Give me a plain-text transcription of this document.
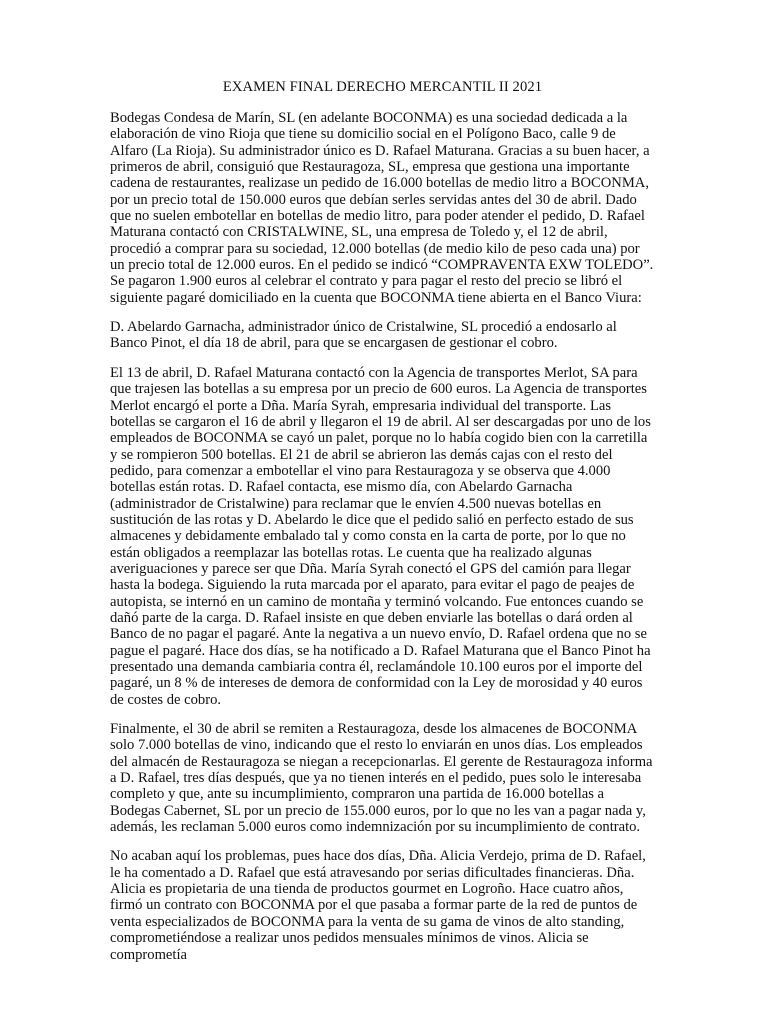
EXAMEN FINAL DERECHO MERCANTIL II 2021

Bodegas Condesa de Marín, SL (en adelante BOCONMA) es una sociedad dedicada a la elaboración de vino Rioja que tiene su domicilio social en el Polígono Baco, calle 9 de Alfaro (La Rioja). Su administrador único es D. Rafael Maturana. Gracias a su buen hacer, a primeros de abril, consiguió que Restauragoza, SL, empresa que gestiona una importante cadena de restaurantes, realizase un pedido de 16.000 botellas de medio litro a BOCONMA, por un precio total de 150.000 euros que debían serles servidas antes del 30 de abril. Dado que no suelen embotellar en botellas de medio litro, para poder atender el pedido, D. Rafael Maturana contactó con CRISTALWINE, SL, una empresa de Toledo y, el 12 de abril, procedió a comprar para su sociedad, 12.000 botellas (de medio kilo de peso cada una) por un precio total de 12.000 euros. En el pedido se indicó “COMPRAVENTA EXW TOLEDO”. Se pagaron 1.900 euros al celebrar el contrato y para pagar el resto del precio se libró el siguiente pagaré domiciliado en la cuenta que BOCONMA tiene abierta en el Banco Viura:

D. Abelardo Garnacha, administrador único de Cristalwine, SL procedió a endosarlo al Banco Pinot, el día 18 de abril, para que se encargasen de gestionar el cobro.

El 13 de abril, D. Rafael Maturana contactó con la Agencia de transportes Merlot, SA para que trajesen las botellas a su empresa por un precio de 600 euros. La Agencia de transportes Merlot encargó el porte a Dña. María Syrah, empresaria individual del transporte. Las botellas se cargaron el 16 de abril y llegaron el 19 de abril. Al ser descargadas por uno de los empleados de BOCONMA se cayó un palet, porque no lo había cogido bien con la carretilla y se rompieron 500 botellas. El 21 de abril se abrieron las demás cajas con el resto del pedido, para comenzar a embotellar el vino para Restauragoza y se observa que 4.000 botellas están rotas. D. Rafael contacta, ese mismo día, con Abelardo Garnacha (administrador de Cristalwine) para reclamar que le envíen 4.500 nuevas botellas en sustitución de las rotas y D. Abelardo le dice que el pedido salió en perfecto estado de sus almacenes y debidamente embalado tal y como consta en la carta de porte, por lo que no están obligados a reemplazar las botellas rotas. Le cuenta que ha realizado algunas averiguaciones y parece ser que Dña. María Syrah conectó el GPS del camión para llegar hasta la bodega. Siguiendo la ruta marcada por el aparato, para evitar el pago de peajes de autopista, se internó en un camino de montaña y terminó volcando. Fue entonces cuando se dañó parte de la carga. D. Rafael insiste en que deben enviarle las botellas o dará orden al Banco de no pagar el pagaré. Ante la negativa a un nuevo envío, D. Rafael ordena que no se pague el pagaré. Hace dos días, se ha notificado a D. Rafael Maturana que el Banco Pinot ha presentado una demanda cambiaria contra él, reclamándole 10.100 euros por el importe del pagaré, un 8 % de intereses de demora de conformidad con la Ley de morosidad y 40 euros de costes de cobro.

Finalmente, el 30 de abril se remiten a Restauragoza, desde los almacenes de BOCONMA solo 7.000 botellas de vino, indicando que el resto lo enviarán en unos días. Los empleados del almacén de Restauragoza se niegan a recepcionarlas. El gerente de Restauragoza informa a D. Rafael, tres días después, que ya no tienen interés en el pedido, pues solo le interesaba completo y que, ante su incumplimiento, compraron una partida de 16.000 botellas a Bodegas Cabernet, SL por un precio de 155.000 euros, por lo que no les van a pagar nada y, además, les reclaman 5.000 euros como indemnización por su incumplimiento de contrato.

No acaban aquí los problemas, pues hace dos días, Dña. Alicia Verdejo, prima de D. Rafael, le ha comentado a D. Rafael que está atravesando por serias dificultades financieras. Dña. Alicia es propietaria de una tienda de productos gourmet en Logroño. Hace cuatro años, firmó un contrato con BOCONMA por el que pasaba a formar parte de la red de puntos de venta especializados de BOCONMA para la venta de su gama de vinos de alto standing, comprometiéndose a realizar unos pedidos mensuales mínimos de vinos. Alicia se comprometía
